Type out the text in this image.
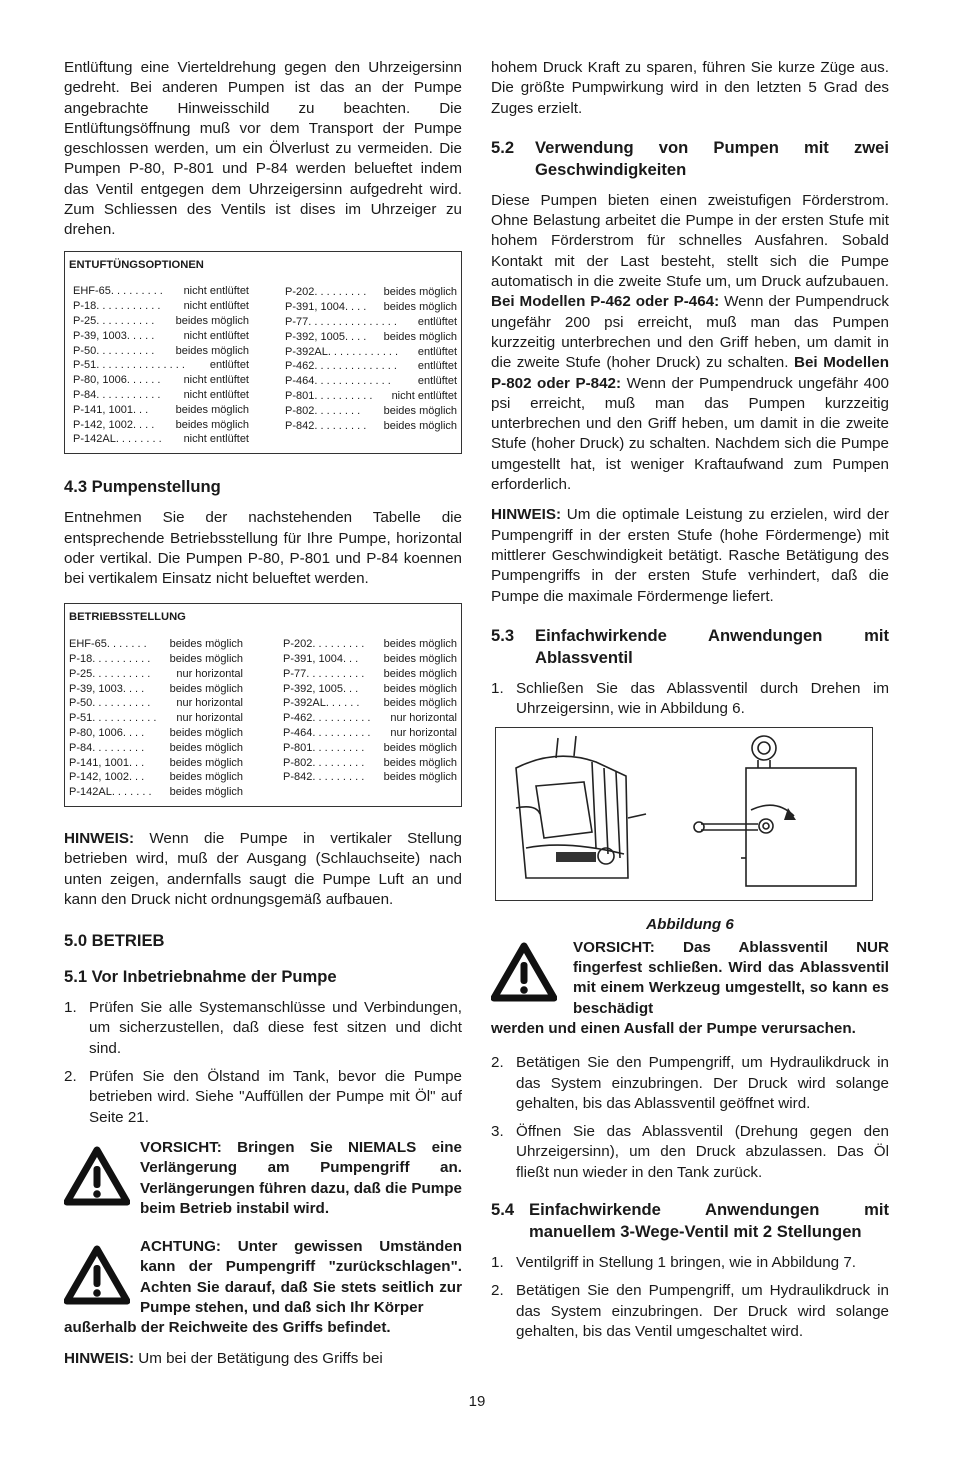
Entlüftung eine Vierteldrehung gegen den Uhrzeigersinn gedreht. Bei anderen Pumpen ist das an der Pumpe angebrachte Hinweisschild zu beachten. Die Entlüftungsöffnung muß vor dem Transport der Pumpe geschlossen werden, um ein Ölverlust zu vermeiden. Die Pumpen P-80, P-801 und P-84 werden belueftet indem das Ventil entgegen dem Uhrzeigersinn aufgedreht wird. Zum Schliessen des Ventils ist dises im Uhrzeiger zu drehen.

ENTUFTÜNGSOPTIONEN
EHF-65 . . . . . . . . .	nicht entlüftet
P-18 . . . . . . . . . . .	nicht entlüftet
P-25 . . . . . . . . . .	beides möglich
P-39, 1003 . . . . .	nicht entlüftet
P-50 . . . . . . . . . .	beides möglich
P-51 . . . . . . . . . . . . . . .	entlüftet
P-80, 1006 . . . . . .	nicht entlüftet
P-84 . . . . . . . . . . .	nicht entlüftet
P-141, 1001 . . .	beides möglich
P-142, 1002 . . . .	beides möglich
P-142AL . . . . . . . .	nicht entlüftet
P-202 . . . . . . . . .	beides möglich
P-391, 1004 . . . .	beides möglich
P-77 . . . . . . . . . . . . . . .	entlüftet
P-392, 1005 . . . .	beides möglich
P-392AL . . . . . . . . . . . .	entlüftet
P-462 . . . . . . . . . . . . . .	entlüftet
P-464 . . . . . . . . . . . . .	entlüftet
P-801 . . . . . . . . . .	nicht entlüftet
P-802 . . . . . . . .	beides möglich
P-842 . . . . . . . . .	beides möglich
4.3 Pumpenstellung

Entnehmen Sie der nachstehenden Tabelle die entsprechende Betriebsstellung für Ihre Pumpe, horizontal oder vertikal. Die Pumpen P-80, P-801 und P-84 koennen bei vertikalem Einsatz nicht belueftet werden.

BETRIEBSSTELLUNG
EHF-65 . . . . . . .	beides möglich
P-18 . . . . . . . . . .	beides möglich
P-25 . . . . . . . . . .	nur horizontal
P-39, 1003 . . . .	beides möglich
P-50 . . . . . . . . . .	nur horizontal
P-51 . . . . . . . . . . .	nur horizontal
P-80, 1006 . . . .	beides möglich
P-84 . . . . . . . . .	beides möglich
P-141, 1001 . . .	beides möglich
P-142, 1002 . . .	beides möglich
P-142AL . . . . . . .	beides möglich
P-202 . . . . . . . . .	beides möglich
P-391, 1004 . . .	beides möglich
P-77 . . . . . . . . . .	beides möglich
P-392, 1005 . . .	beides möglich
P-392AL . . . . . .	beides möglich
P-462 . . . . . . . . . .	nur horizontal
P-464 . . . . . . . . . .	nur horizontal
P-801 . . . . . . . . .	beides möglich
P-802 . . . . . . . . .	beides möglich
P-842 . . . . . . . . .	beides möglich

HINWEIS: Wenn die Pumpe in vertikaler Stellung betrieben wird, muß der Ausgang (Schlauchseite) nach unten zeigen, andernfalls saugt die Pumpe Luft an und kann den Druck nicht ordnungsgemäß aufbauen.

5.0 BETRIEB
5.1 Vor Inbetriebnahme der Pumpe
1. Prüfen Sie alle Systemanschlüsse und Verbindungen, um sicherzustellen, daß diese fest sitzen und dicht sind.
2. Prüfen Sie den Ölstand im Tank, bevor die Pumpe betrieben wird. Siehe "Auffüllen der Pumpe mit Öl" auf Seite 21.
VORSICHT: Bringen Sie NIEMALS eine Verlängerung am Pumpengriff an. Verlängerungen führen dazu, daß die Pumpe beim Betrieb instabil wird.
ACHTUNG: Unter gewissen Umständen kann der Pumpengriff "zurückschlagen". Achten Sie darauf, daß Sie stets seitlich zur Pumpe stehen, und daß sich Ihr Körper
außerhalb der Reichweite des Griffs befindet.

HINWEIS: Um bei der Betätigung des Griffs bei

hohem Druck Kraft zu sparen, führen Sie kurze Züge aus. Die größte Pumpwirkung wird in den letzten 5 Grad des Zuges erzielt.

5.2	Verwendung von Pumpen mit zwei Geschwindigkeiten

Diese Pumpen bieten einen zweistufigen Förderstrom. Ohne Belastung arbeitet die Pumpe in der ersten Stufe mit hohem Förderstrom für schnelles Ausfahren. Sobald Kontakt mit der Last besteht, stellt sich die Pumpe automatisch in die zweite Stufe um, um Druck aufzubauen. Bei Modellen P-462 oder P-464: Wenn der Pumpendruck ungefähr 200 psi erreicht, muß man das Pumpen kurzzeitig unterbrechen und den Griff heben, um damit in die zweite Stufe (hoher Druck) zu schalten. Bei Modellen P-802 oder P-842: Wenn der Pumpendruck ungefähr 400 psi erreicht, muß man das Pumpen kurzzeitig unterbrechen und den Griff heben, um damit in die zweite Stufe (hoher Druck) zu schalten. Nachdem sich die Pumpe umgestellt hat, ist weniger Kraftaufwand zum Pumpen erforderlich.

HINWEIS: Um die optimale Leistung zu erzielen, wird der Pumpengriff in der ersten Stufe (hohe Fördermenge) mit mittlerer Geschwindigkeit betätigt. Rasche Betätigung des Pumpengriffs in der ersten Stufe verhindert, daß die Pumpe die maximale Fördermenge liefert.

5.3	Einfachwirkende Anwendungen mit Ablassventil
1. Schließen Sie das Ablassventil durch Drehen im Uhrzeigersinn, wie in Abbildung 6.
Abbildung 6
VORSICHT: Das Ablassventil NUR fingerfest schließen. Wird das Ablassventil mit einem Werkzeug umgestellt, so kann es beschädigt
werden und einen Ausfall der Pumpe verursachen.
2. Betätigen Sie den Pumpengriff, um Hydraulikdruck in das System einzubringen. Der Druck wird solange gehalten, bis das Ablassventil geöffnet wird.
3. Öffnen Sie das Ablassventil (Drehung gegen den Uhrzeigersinn), um den Druck abzulassen. Das Öl fließt nun wieder in den Tank zurück.
5.4 Einfachwirkende Anwendungen mit manuellem 3-Wege-Ventil mit 2 Stellungen
1. Ventilgriff in Stellung 1 bringen, wie in Abbildung 7.
2. Betätigen Sie den Pumpengriff, um Hydraulikdruck in das System einzubringen. Der Druck wird solange gehalten, bis das Ventil umgeschaltet wird.
19
